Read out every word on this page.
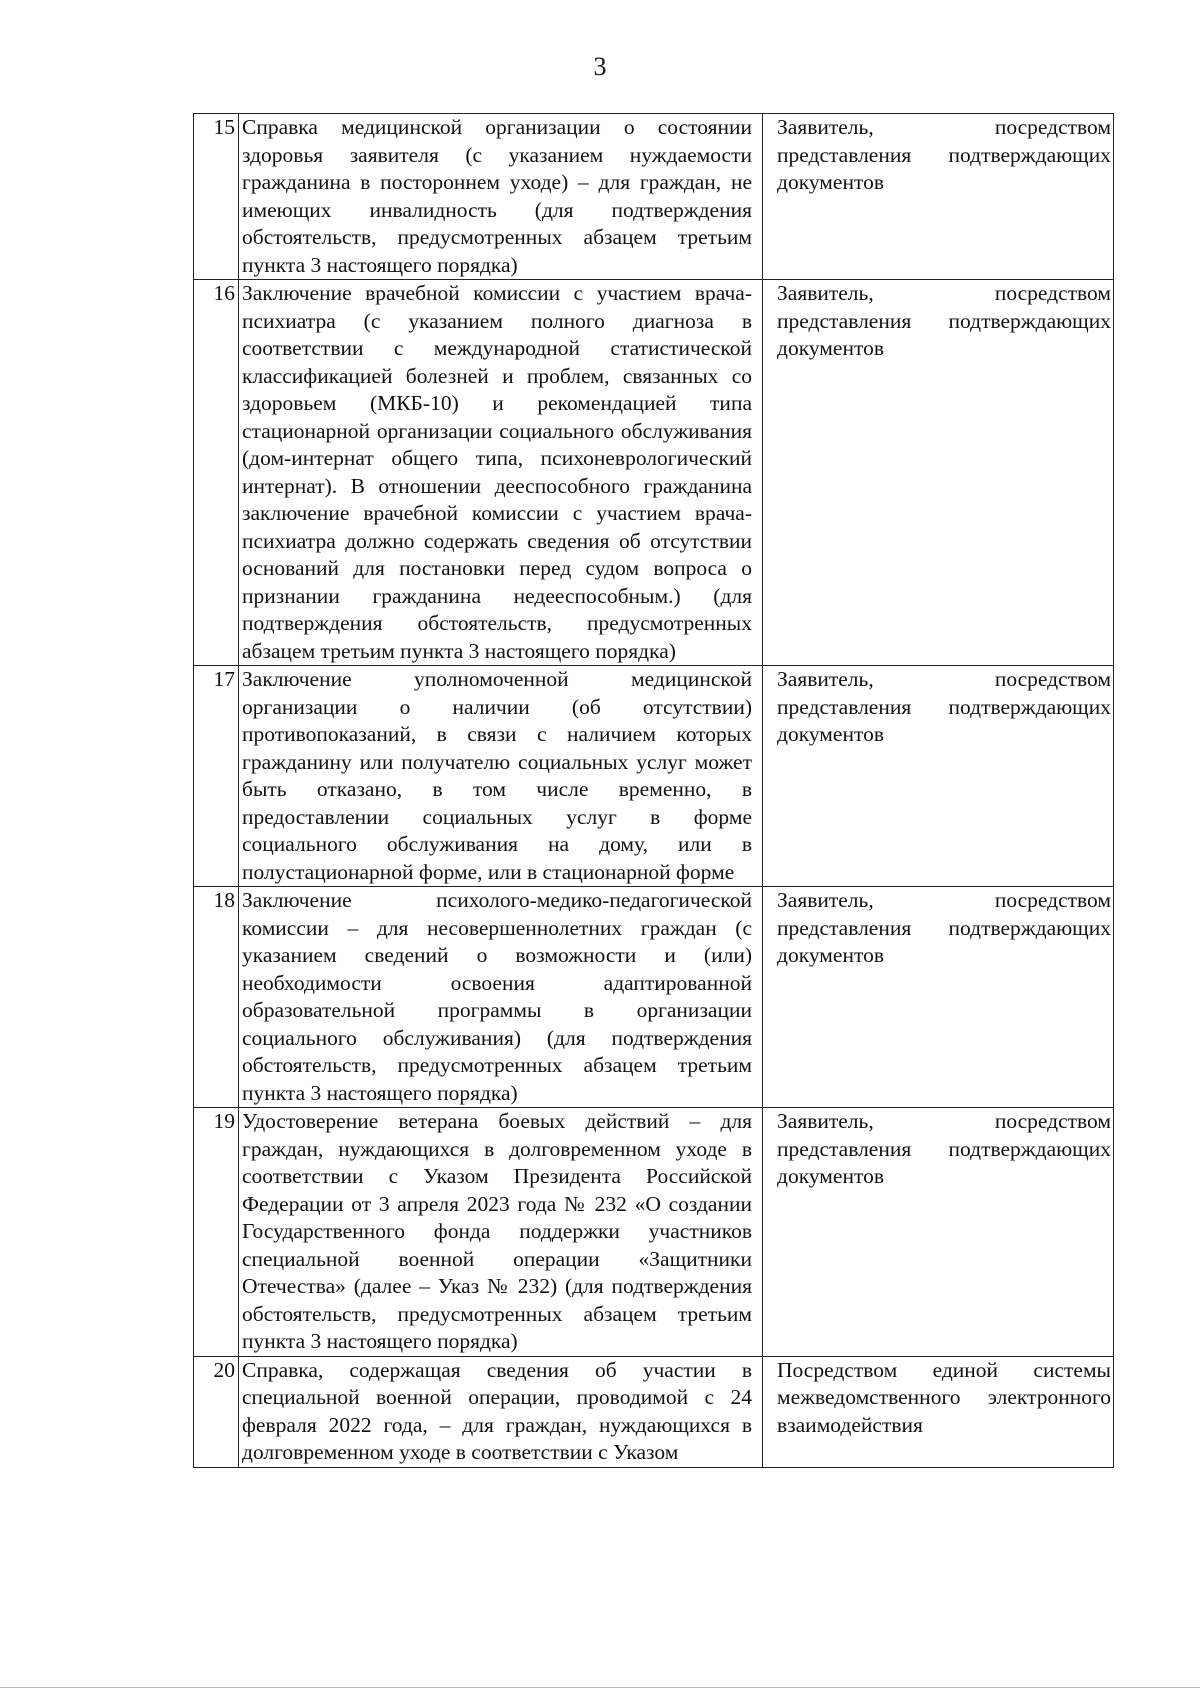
3
15	Справка медицинской организации о состоянии здоровья заявителя (с указанием нуждаемости гражданина в постороннем уходе) – для граждан, не имеющих инвалидность (для подтверждения обстоятельств, предусмотренных абзацем третьим пункта 3 настоящего порядка)	Заявитель, посредством представления подтверждающих документов
16	Заключение врачебной комиссии с участием врача-психиатра (с указанием полного диагноза в соответствии с международной статистической классификацией болезней и проблем, связанных со здоровьем (МКБ-10) и рекомендацией типа стационарной организации социального обслуживания (дом-интернат общего типа, психоневрологический интернат). В отношении дееспособного гражданина заключение врачебной комиссии с участием врача-психиатра должно содержать сведения об отсутствии оснований для постановки перед судом вопроса о признании гражданина недееспособным.) (для подтверждения обстоятельств, предусмотренных абзацем третьим пункта 3 настоящего порядка)	Заявитель, посредством представления подтверждающих документов
17	Заключение уполномоченной медицинской организации о наличии (об отсутствии) противопоказаний, в связи с наличием которых гражданину или получателю социальных услуг может быть отказано, в том числе временно, в предоставлении социальных услуг в форме социального обслуживания на дому, или в полустационарной форме, или в стационарной форме	Заявитель, посредством представления подтверждающих документов
18	Заключение психолого-медико-педагогической комиссии – для несовершеннолетних граждан (с указанием сведений о возможности и (или) необходимости освоения адаптированной образовательной программы в организации социального обслуживания) (для подтверждения обстоятельств, предусмотренных абзацем третьим пункта 3 настоящего порядка)	Заявитель, посредством представления подтверждающих документов
19	Удостоверение ветерана боевых действий – для граждан, нуждающихся в долговременном уходе в соответствии с Указом Президента Российской Федерации от 3 апреля 2023 года № 232 «О создании Государственного фонда поддержки участников специальной военной операции «Защитники Отечества» (далее – Указ № 232) (для подтверждения обстоятельств, предусмотренных абзацем третьим пункта 3 настоящего порядка)	Заявитель, посредством представления подтверждающих документов
20	Справка, содержащая сведения об участии в специальной военной операции, проводимой с 24 февраля 2022 года, – для граждан, нуждающихся в долговременном уходе в соответствии с Указом	Посредством единой системы межведомственного электронного взаимодействия
